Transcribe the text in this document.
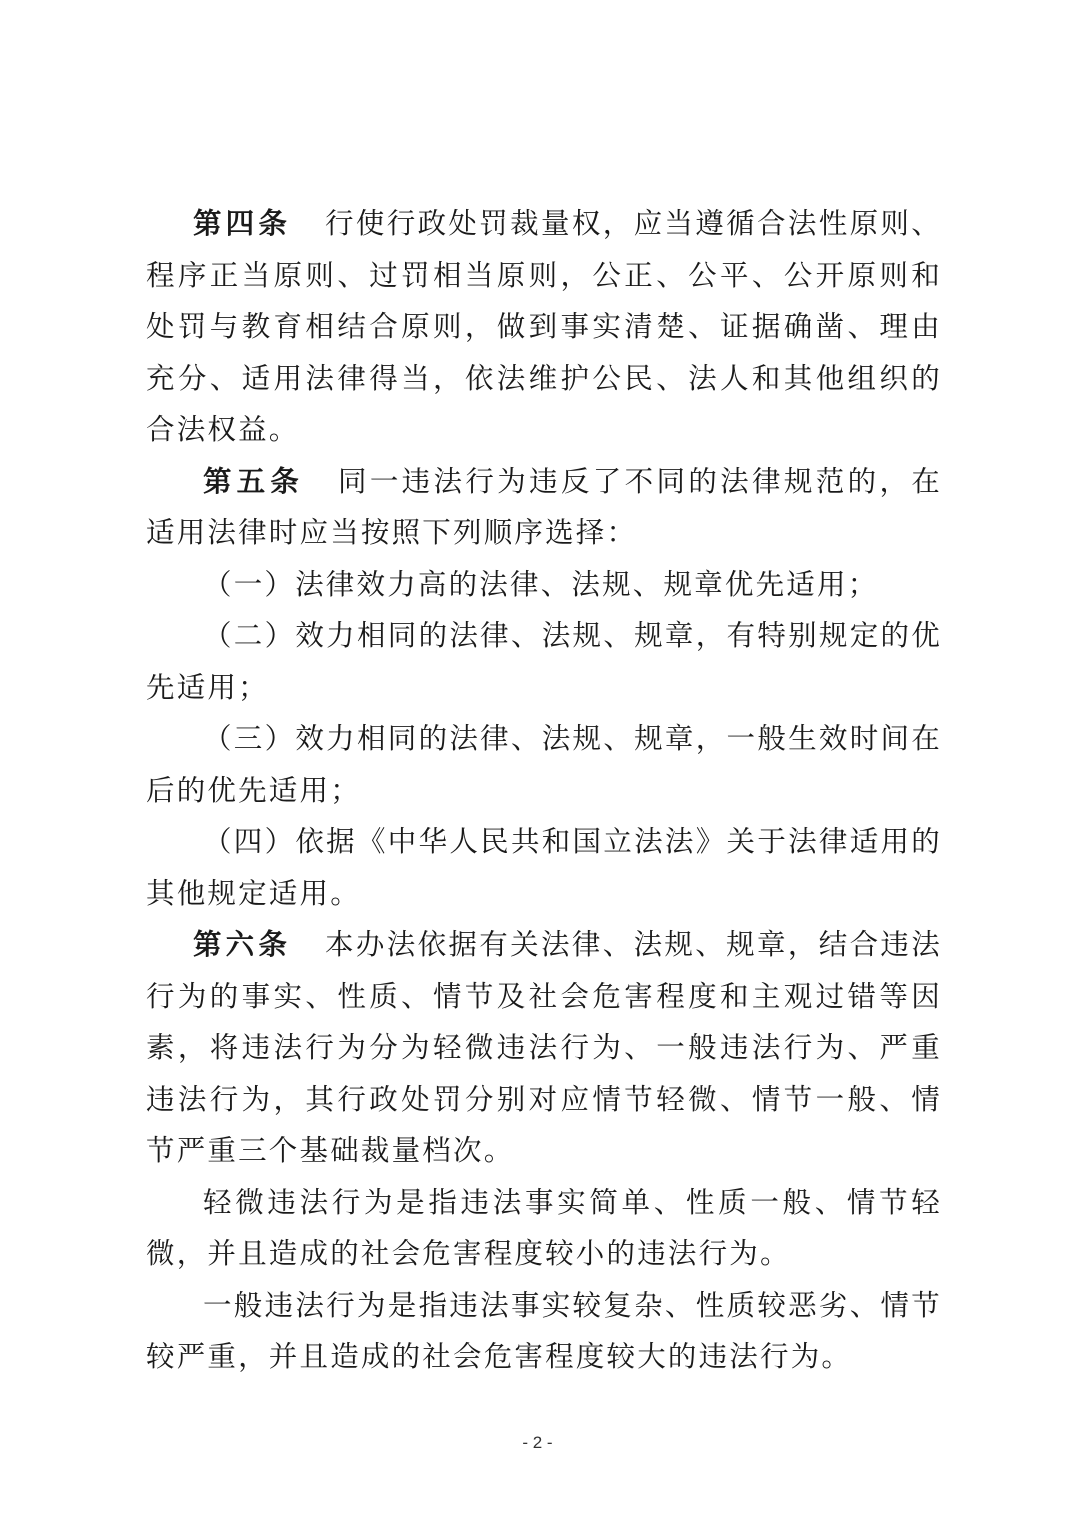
第四条 行使行政处罚裁量权，应当遵循合法性原则、程序正当原则、过罚相当原则，公正、公平、公开原则和处罚与教育相结合原则，做到事实清楚、证据确凿、理由充分、适用法律得当，依法维护公民、法人和其他组织的合法权益。

第五条 同一违法行为违反了不同的法律规范的，在适用法律时应当按照下列顺序选择：

（一）法律效力高的法律、法规、规章优先适用；

（二）效力相同的法律、法规、规章，有特别规定的优先适用；

（三）效力相同的法律、法规、规章，一般生效时间在后的优先适用；

（四）依据《中华人民共和国立法法》关于法律适用的其他规定适用。

第六条 本办法依据有关法律、法规、规章，结合违法行为的事实、性质、情节及社会危害程度和主观过错等因素，将违法行为分为轻微违法行为、一般违法行为、严重违法行为，其行政处罚分别对应情节轻微、情节一般、情节严重三个基础裁量档次。

轻微违法行为是指违法事实简单、性质一般、情节轻微，并且造成的社会危害程度较小的违法行为。

一般违法行为是指违法事实较复杂、性质较恶劣、情节较严重，并且造成的社会危害程度较大的违法行为。

- 2 -
